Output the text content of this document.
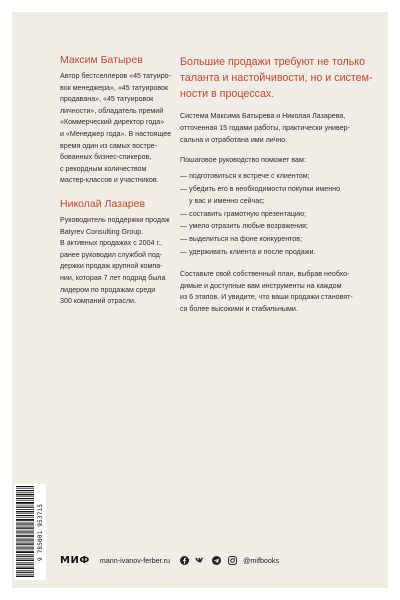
Максим Батырев
Автор бестселлеров «45 татуиро-
вок менеджера», «45 татуировок
продавана», «45 татуировок
личности», обладатель премий
«Коммерческий директор года»
и «Менеджер года». В настоящее
время один из самых востре-
бованных бизнес-спикеров,
с рекордным количеством
мастер-классов и участников.
Николай Лазарев
Руководитель поддержки продаж
Batyrev Consulting Group.
В активных продажах с 2004 г.,
ранее руководил службой под-
держки продаж крупной компа-
нии, которая 7 лет подряд была
лидером по продажам среди
300 компаний отрасли.
Большие продажи требуют не только
таланта и настойчивости, но и систем-
ности в процессах.
Система Максима Батырева и Николая Лазарева,
отточенная 15 годами работы, практически универ-
сальна и отработана ими лично.
Пошаговое руководство поможет вам:
— подготовиться к встрече с клиентом;
— убедить его в необходимости покупки именно
у вас и именно сейчас;
— составить грамотную презентацию;
— умело отразить любые возражения;
— выделиться на фоне конкурентов;
— удерживать клиента и после продажи.
Составьте свой собственный план, выбрав необхо-
димые и доступные вам инструменты на каждом
из 6 этапов. И увидите, что ваши продажи становят-
ся более высокими и стабильными.
9 785001 953715 МИФ mann-ivanov-ferber.ru	@mifbooks
